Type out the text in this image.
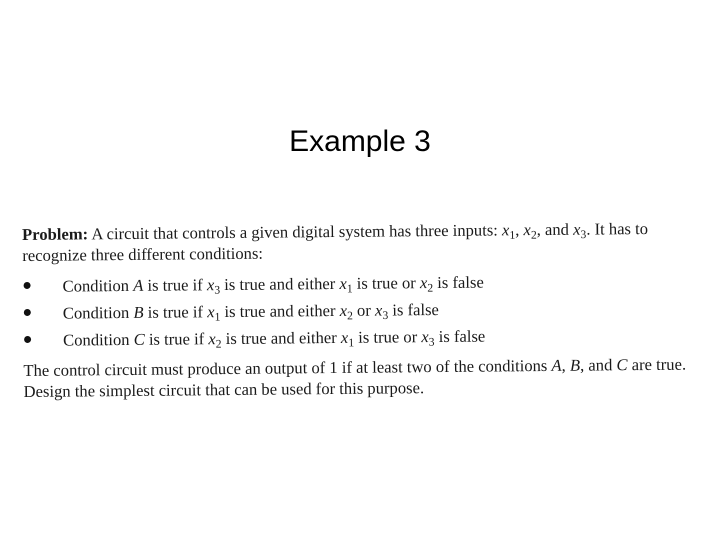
Example 3

Problem: A circuit that controls a given digital system has three inputs: $x_1$, $x_2$, and $x_3$. It has to recognize three different conditions:

Condition A is true if $x_3$ is true and either $x_1$ is true or $x_2$ is false
Condition B is true if $x_1$ is true and either $x_2$ or $x_3$ is false
Condition C is true if $x_2$ is true and either $x_1$ is true or $x_3$ is false

The control circuit must produce an output of 1 if at least two of the conditions A, B, and C are true. Design the simplest circuit that can be used for this purpose.
